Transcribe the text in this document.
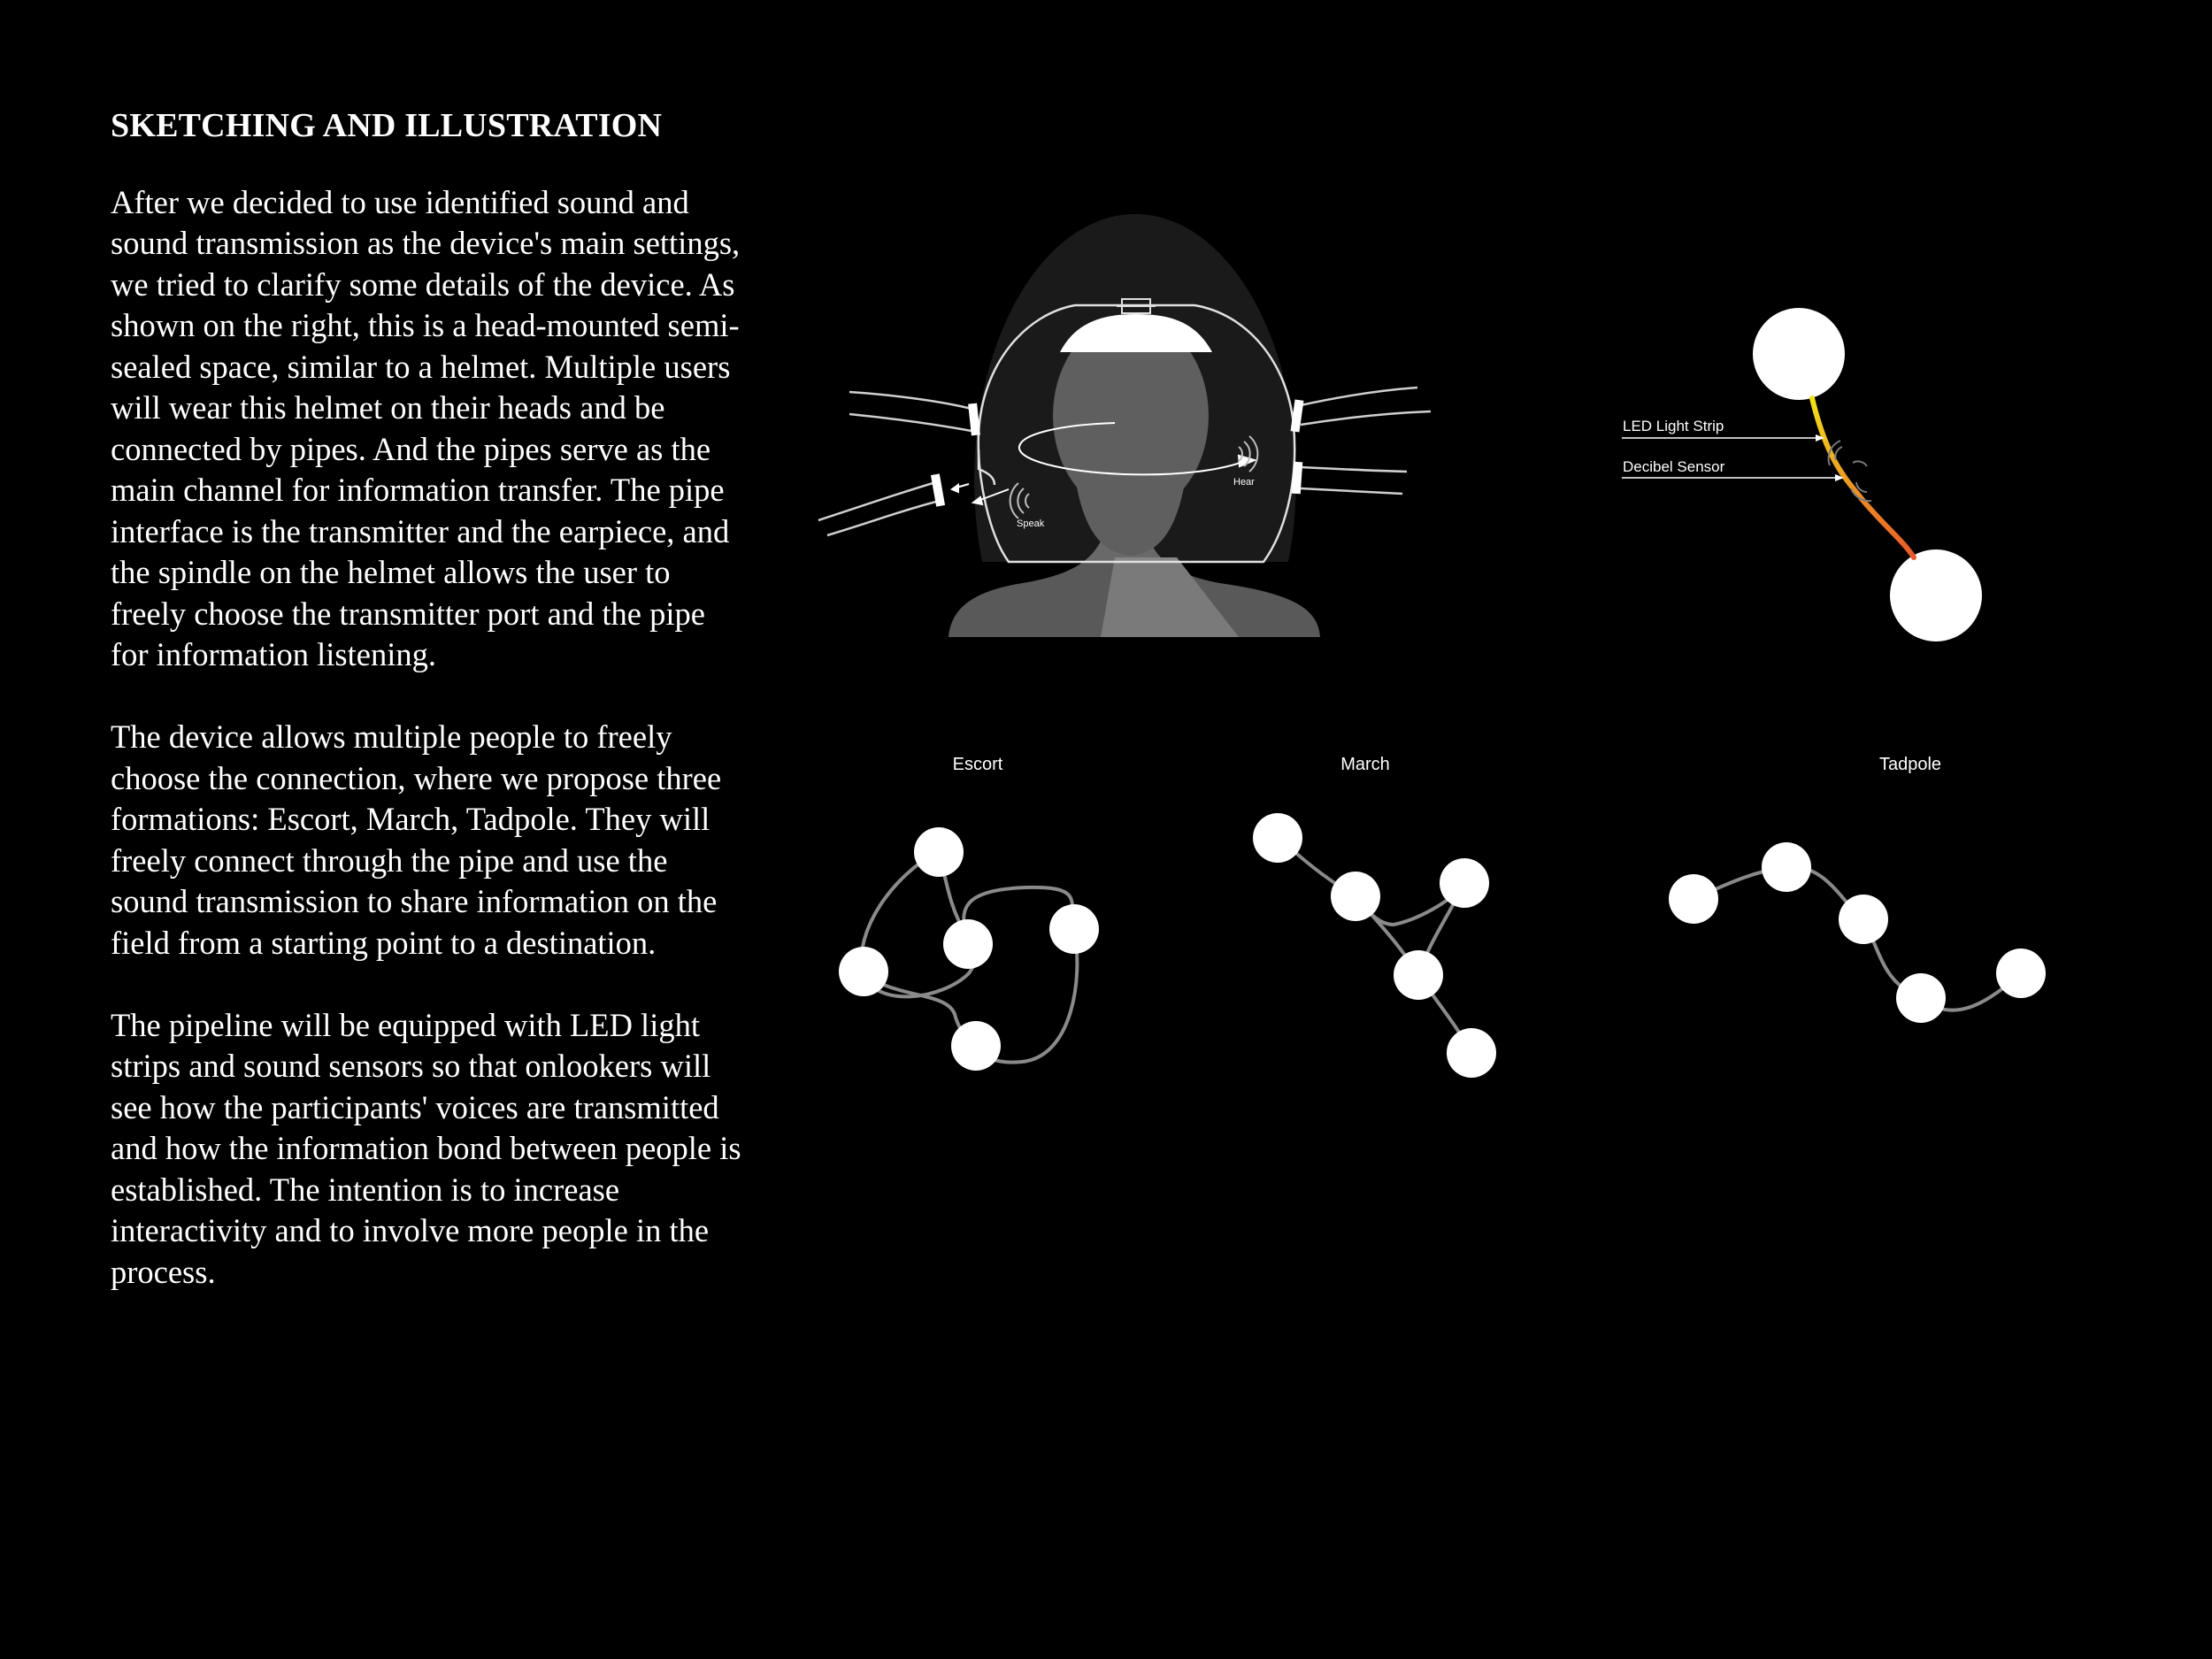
SKETCHING AND ILLUSTRATION

After we decided to use identified sound and sound transmission as the device's main settings, we tried to clarify some details of the device. As shown on the right, this is a head-mounted semi-sealed space, similar to a helmet. Multiple users will wear this helmet on their heads and be connected by pipes. And the pipes serve as the main channel for information transfer. The pipe interface is the transmitter and the earpiece, and the spindle on the helmet allows the user to freely choose the transmitter port and the pipe for information listening.

The device allows multiple people to freely choose the connection, where we propose three formations: Escort, March, Tadpole. They will freely connect through the pipe and use the sound transmission to share information on the field from a starting point to a destination.

The pipeline will be equipped with LED light strips and sound sensors so that onlookers will see how the participants' voices are transmitted and how the information bond between people is established. The intention is to increase interactivity and to involve more people in the process.

Speak
Hear
LED Light Strip
Decibel Sensor
Escort	March	Tadpole
